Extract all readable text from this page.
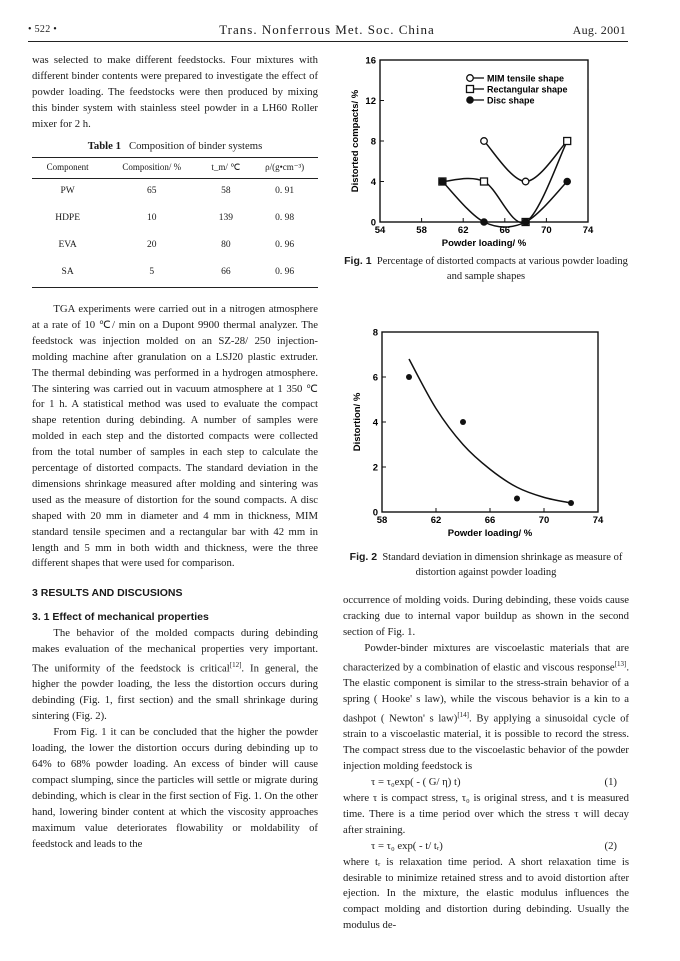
• 522 •	Trans. Nonferrous Met. Soc. China	Aug. 2001

was selected to make different feedstocks. Four mixtures with different binder contents were prepared to investigate the effect of powder loading. The feedstocks were then produced by mixing this binder system with stainless steel powder in a LH60 Roller mixer for 2 h.

Table 1 Composition of binder systems
Component	Composition/ %	t_m/ ℃	ρ/(g•cm⁻³)
PW	65	58	0. 91
HDPE	10	139	0. 98
EVA	20	80	0. 96
SA	5	66	0. 96

TGA experiments were carried out in a nitrogen atmosphere at a rate of 10 ℃/ min on a Dupont 9900 thermal analyzer. The feedstock was injection molded on an SZ-28/ 250 injection-molding machine after granulation on a LSJ20 plastic extruder. The thermal debinding was performed in a hydrogen atmosphere. The sintering was carried out in vacuum atmosphere at 1 350 ℃ for 1 h. A statistical method was used to evaluate the compact shape retention during debinding. A number of samples were molded in each step and the distorted compacts were collected from the total number of samples in each step to calculate the percentage of distorted compacts. The standard deviation in the dimensions shrinkage measured after molding and sintering was used as the measure of distortion for the sound compacts. A disc shaped with 20 mm in diameter and 4 mm in thickness, MIM standard tensile specimen and a rectangular bar with 42 mm in length and 5 mm in both width and thickness, were the three different shapes that were used for comparison.

3 RESULTS AND DISCUSIONS
3. 1 Effect of mechanical properties

The behavior of the molded compacts during debinding makes evaluation of the mechanical properties very important. The uniformity of the feedstock is critical[12]. In general, the higher the powder loading, the less the distortion occurs during debinding (Fig. 1, first section) and the small shrinkage during sintering (Fig. 2).

From Fig. 1 it can be concluded that the higher the powder loading, the lower the distortion occurs during debinding up to 64% to 68% powder loading. An excess of binder will cause compact slumping, since the particles will settle or migrate during debinding, which is clear in the first section of Fig. 1. On the other hand, lowering binder content at which the viscosity approaches maximum value deteriorates flowability or moldability of feedstock and leads to the

54	58	62	66	70	74
0
4
8
12
16
Powder loading/ %
Distorted compacts/ %
MIM tensile shape
Rectangular shape
Disc shape
Fig. 1 Percentage of distorted compacts at various powder loading and sample shapes
58	62	66	70	74
0
2
4
6
8
Powder loading/ %
Distortion/ %
Fig. 2 Standard deviation in dimension shrinkage as measure of distortion against powder loading

occurrence of molding voids. During debinding, these voids cause cracking due to internal vapor buildup as shown in the second section of Fig. 1.

Powder-binder mixtures are viscoelastic materials that are characterized by a combination of elastic and viscous response[13]. The elastic component is similar to the stress-strain behavior of a spring ( Hooke' s law), while the viscous behavior is a kin to a dashpot ( Newton' s law)[14]. By applying a sinusoidal cycle of strain to a viscoelastic material, it is possible to record the stress. The compact stress due to the viscoelastic behavior of the powder injection molding feedstock is

τ = τ₀exp( - ( G/ η) t)	(1)

where τ is compact stress, τ₀ is original stress, and t is measured time. There is a time period over which the stress τ will decay after straining.

τ = τ₀ exp( - t/ tᵣ)	(2)

where tᵣ is relaxation time period. A short relaxation time is desirable to minimize retained stress and to avoid distortion after ejection. In the mixture, the elastic modulus influences the compact molding and distortion during debinding. Usually the modulus de-
